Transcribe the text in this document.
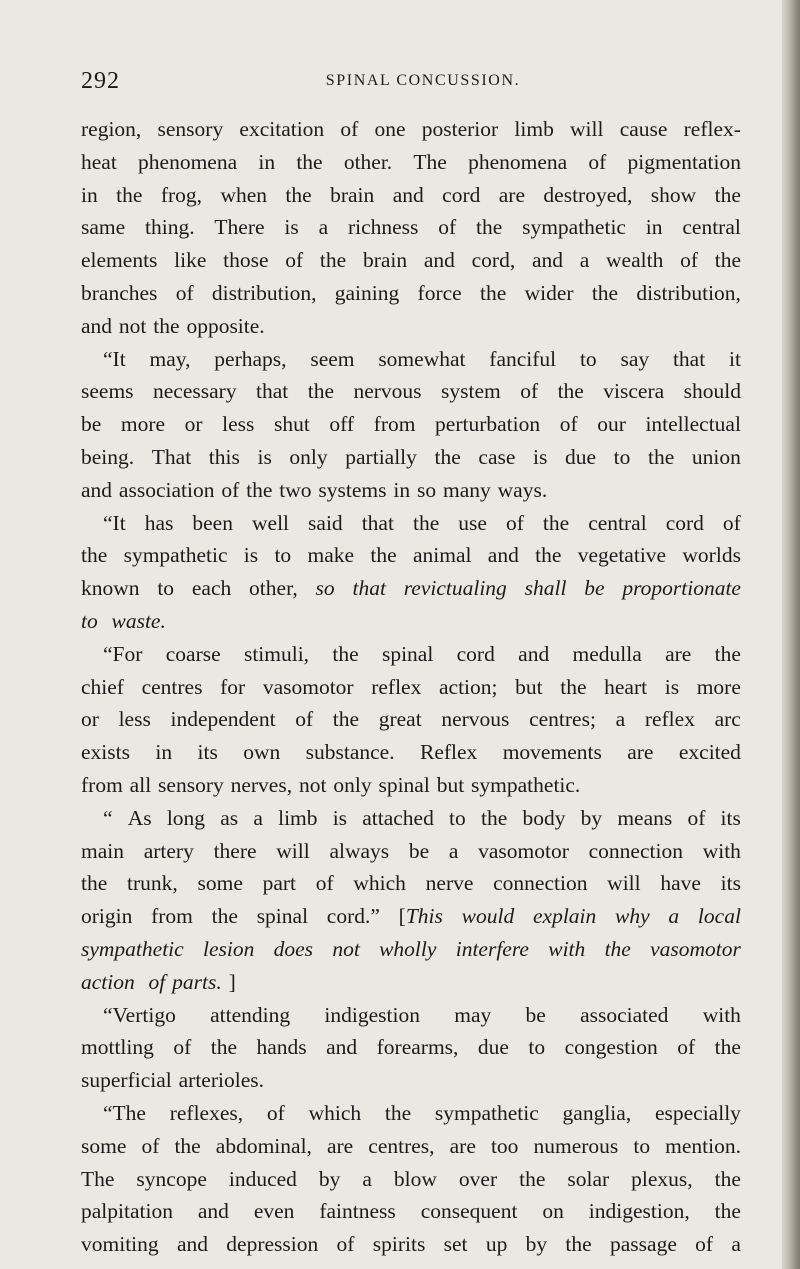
292	SPINAL CONCUSSION.
region, sensory excitation of one posterior limb will cause reflex-
heat phenomena in the other. The phenomena of pigmentation
in the frog, when the brain and cord are destroyed, show the
same thing. There is a richness of the sympathetic in central
elements like those of the brain and cord, and a wealth of the
branches of distribution, gaining force the wider the distribution,
and not the opposite.
“It may, perhaps, seem somewhat fanciful to say that it
seems necessary that the nervous system of the viscera should
be more or less shut off from perturbation of our intellectual
being. That this is only partially the case is due to the union
and association of the two systems in so many ways.
“It has been well said that the use of the central cord of
the sympathetic is to make the animal and the vegetative worlds
known to each other, so that revictualing shall be proportionate
to waste.
“For coarse stimuli, the spinal cord and medulla are the
chief centres for vasomotor reflex action; but the heart is more
or less independent of the great nervous centres; a reflex arc
exists in its own substance. Reflex movements are excited
from all sensory nerves, not only spinal but sympathetic.
“ As long as a limb is attached to the body by means of its
main artery there will always be a vasomotor connection with
the trunk, some part of which nerve connection will have its
origin from the spinal cord.” [This would explain why a local
sympathetic lesion does not wholly interfere with the vasomotor
action of parts. ]
“Vertigo attending indigestion may be associated with
mottling of the hands and forearms, due to congestion of the
superficial arterioles.
“The reflexes, of which the sympathetic ganglia, especially
some of the abdominal, are centres, are too numerous to mention.
The syncope induced by a blow over the solar plexus, the
palpitation and even faintness consequent on indigestion, the
vomiting and depression of spirits set up by the passage of a
